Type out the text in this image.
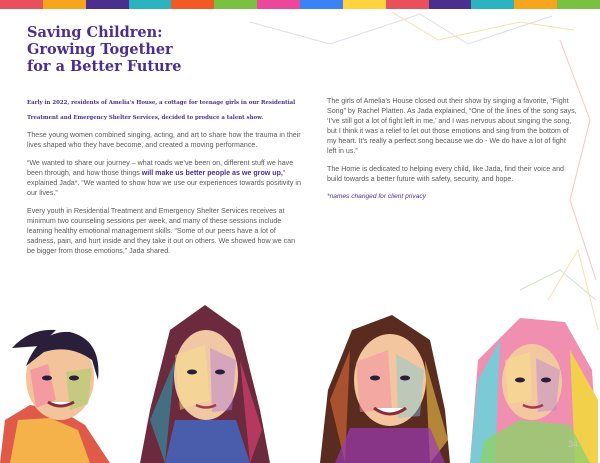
Saving Children:
Growing Together
for a Better Future
Early in 2022, residents of Amelia's House, a cottage for teenage girls in our Residential Treatment and Emergency Shelter Services, decided to produce a talent show.

These young women combined singing, acting, and art to share how the trauma in their lives shaped who they have become, and created a moving performance.

“We wanted to share our journey – what roads we’ve been on, different stuff we have been through, and how those things will make us better people as we grow up,” explained Jada*. “We wanted to show how we use our experiences towards positivity in our lives.”

Every youth in Residential Treatment and Emergency Shelter Services receives at minimum two counseling sessions per week, and many of these sessions include learning healthy emotional management skills. “Some of our peers have a lot of sadness, pain, and hurt inside and they take it out on others. We showed how we can be bigger from those emotions,” Jada shared.

The girls of Amelia’s House closed out their show by singing a favorite, “Fight Song” by Rachel Platten. As Jada explained, “One of the lines of the song says, ‘I’ve still got a lot of fight left in me,’ and I was nervous about singing the song, but I think it was a relief to let out those emotions and sing from the bottom of my heart. It’s really a perfect song because we do - We do have a lot of fight left in us.”

The Home is dedicated to helping every child, like Jada, find their voice and build towards a better future with safety, security, and hope.

*names changed for client privacy

34
